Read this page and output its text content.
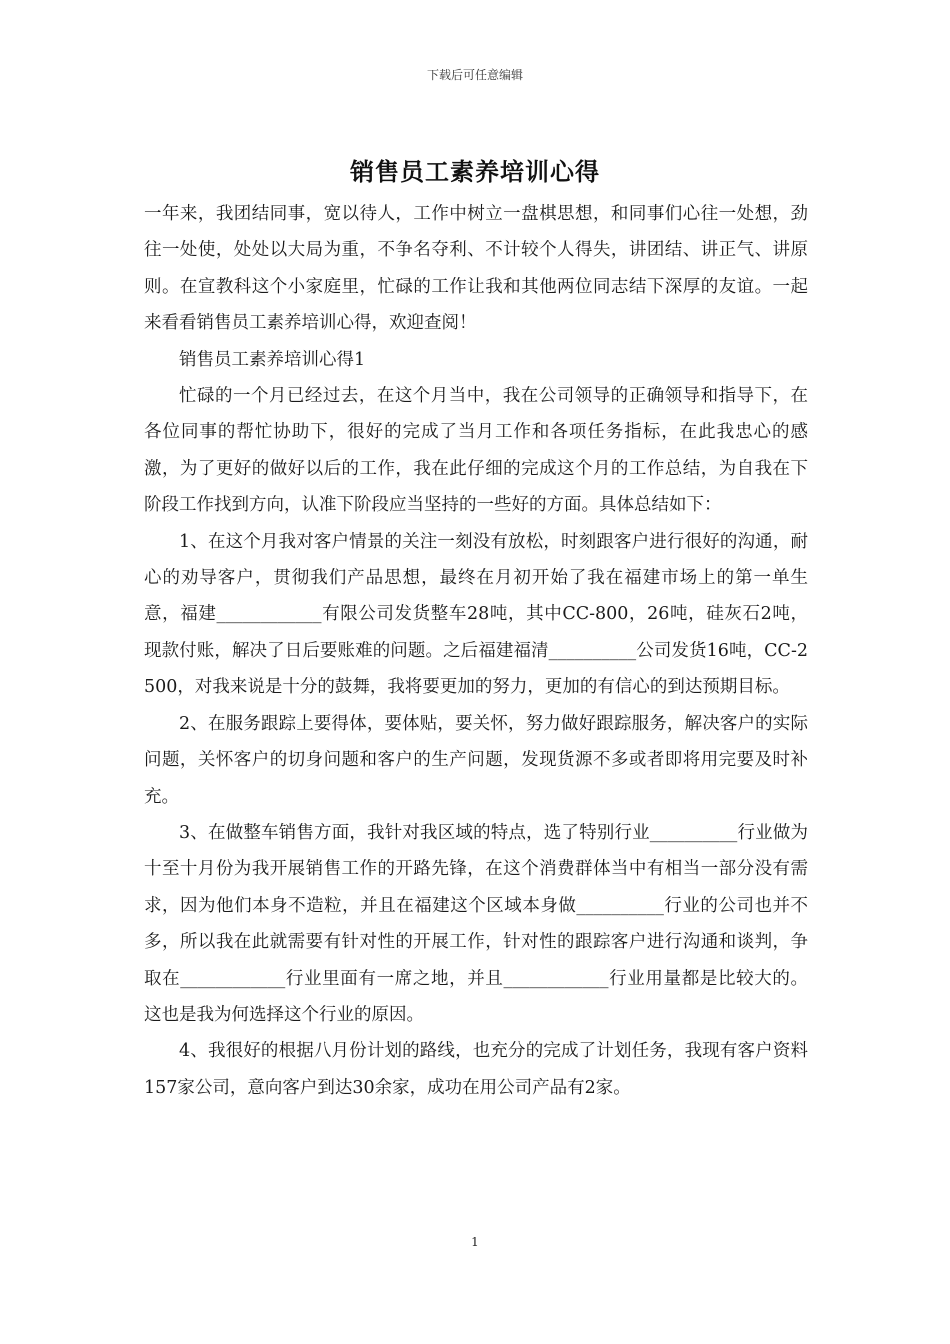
下载后可任意编辑
销售员工素养培训心得

一年来，我团结同事，宽以待人，工作中树立一盘棋思想，和同事们心往一处想，劲往一处使，处处以大局为重，不争名夺利、不计较个人得失，讲团结、讲正气、讲原则。在宣教科这个小家庭里，忙碌的工作让我和其他两位同志结下深厚的友谊。一起来看看销售员工素养培训心得，欢迎查阅！

销售员工素养培训心得1

忙碌的一个月已经过去，在这个月当中，我在公司领导的正确领导和指导下，在各位同事的帮忙协助下，很好的完成了当月工作和各项任务指标，在此我忠心的感激，为了更好的做好以后的工作，我在此仔细的完成这个月的工作总结，为自我在下阶段工作找到方向，认准下阶段应当坚持的一些好的方面。具体总结如下：

1、在这个月我对客户情景的关注一刻没有放松，时刻跟客户进行很好的沟通，耐心的劝导客户，贯彻我们产品思想，最终在月初开始了我在福建市场上的第一单生意，福建____________有限公司发货整车28吨，其中CC-800，26吨，硅灰石2吨，现款付账，解决了日后要账难的问题。之后福建福清__________公司发货16吨，CC-2500，对我来说是十分的鼓舞，我将要更加的努力，更加的有信心的到达预期目标。

2、在服务跟踪上要得体，要体贴，要关怀，努力做好跟踪服务，解决客户的实际问题，关怀客户的切身问题和客户的生产问题，发现货源不多或者即将用完要及时补充。

3、在做整车销售方面，我针对我区域的特点，选了特别行业__________行业做为十至十月份为我开展销售工作的开路先锋，在这个消费群体当中有相当一部分没有需求，因为他们本身不造粒，并且在福建这个区域本身做__________行业的公司也并不多，所以我在此就需要有针对性的开展工作，针对性的跟踪客户进行沟通和谈判，争取在____________行业里面有一席之地，并且____________行业用量都是比较大的。这也是我为何选择这个行业的原因。

4、我很好的根据八月份计划的路线，也充分的完成了计划任务，我现有客户资料157家公司，意向客户到达30余家，成功在用公司产品有2家。

1
